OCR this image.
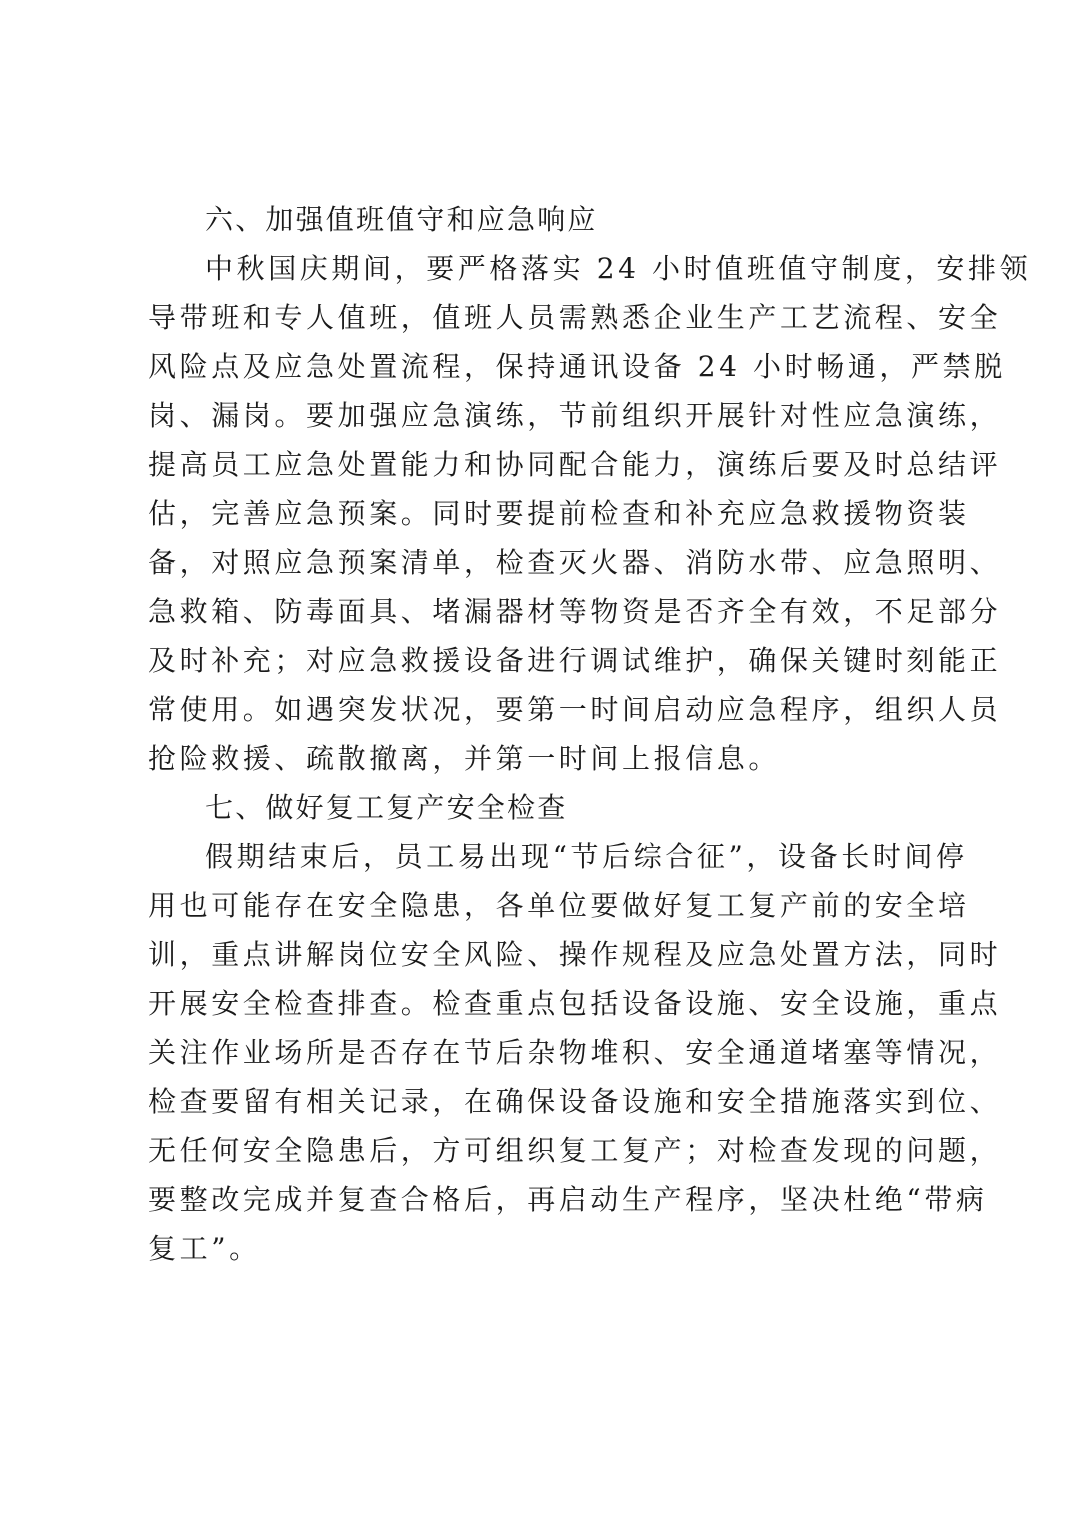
六、加强值班值守和应急响应

中秋国庆期间，要严格落实 24 小时值班值守制度，安排领

导带班和专人值班，值班人员需熟悉企业生产工艺流程、安全

风险点及应急处置流程，保持通讯设备 24 小时畅通，严禁脱

岗、漏岗。要加强应急演练，节前组织开展针对性应急演练，

提高员工应急处置能力和协同配合能力，演练后要及时总结评

估，完善应急预案。同时要提前检查和补充应急救援物资装

备，对照应急预案清单，检查灭火器、消防水带、应急照明、

急救箱、防毒面具、堵漏器材等物资是否齐全有效，不足部分

及时补充；对应急救援设备进行调试维护，确保关键时刻能正

常使用。如遇突发状况，要第一时间启动应急程序，组织人员

抢险救援、疏散撤离，并第一时间上报信息。

七、做好复工复产安全检查

假期结束后，员工易出现“节后综合征”，设备长时间停

用也可能存在安全隐患，各单位要做好复工复产前的安全培

训，重点讲解岗位安全风险、操作规程及应急处置方法，同时

开展安全检查排查。检查重点包括设备设施、安全设施，重点

关注作业场所是否存在节后杂物堆积、安全通道堵塞等情况，

检查要留有相关记录，在确保设备设施和安全措施落实到位、

无任何安全隐患后，方可组织复工复产；对检查发现的问题，

要整改完成并复查合格后，再启动生产程序，坚决杜绝“带病

复工”。
